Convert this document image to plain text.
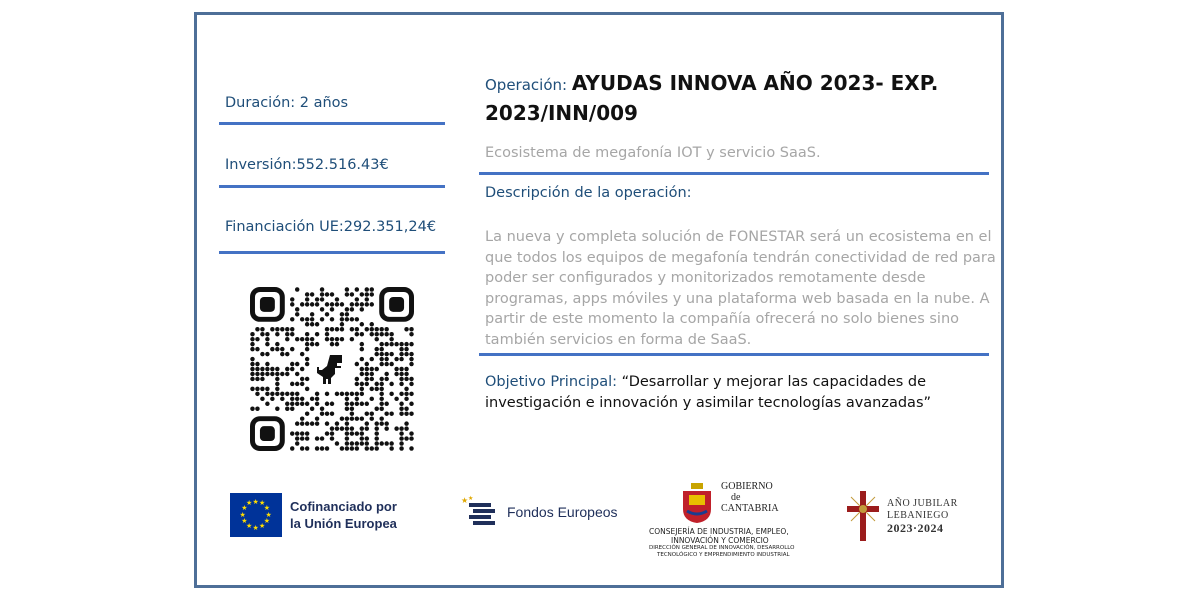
Duración: 2 años
Inversión:552.516.43€
Financiación UE:292.351,24€
Operación: AYUDAS INNOVA AÑO 2023- EXP.
2023/INN/009
Ecosistema de megafonía IOT y servicio SaaS.
Descripción de la operación:
La nueva y completa solución de FONESTAR será un ecosistema en el
que todos los equipos de megafonía tendrán conectividad de red para
poder ser configurados y monitorizados remotamente desde
programas, apps móviles y una plataforma web basada en la nube. A
partir de este momento la compañía ofrecerá no solo bienes sino
también servicios en forma de SaaS.
Objetivo Principal: “Desarrollar y mejorar las capacidades de
investigación e innovación y asimilar tecnologías avanzadas”
★
★
★
★
★
★
★
★
★ ★ ★
★ Cofinanciado por
la Unión Europea
★ ★
Fondos Europeos
GOBIERNO
de
CANTABRIA
CONSEJERÍA DE INDUSTRIA, EMPLEO,
INNOVACIÓN Y COMERCIO
DIRECCIÓN GENERAL DE INNOVACIÓN, DESARROLLO
TECNOLÓGICO Y EMPRENDIMIENTO INDUSTRIAL
AÑO JUBILAR
LEBANIEGO
2023·2024
